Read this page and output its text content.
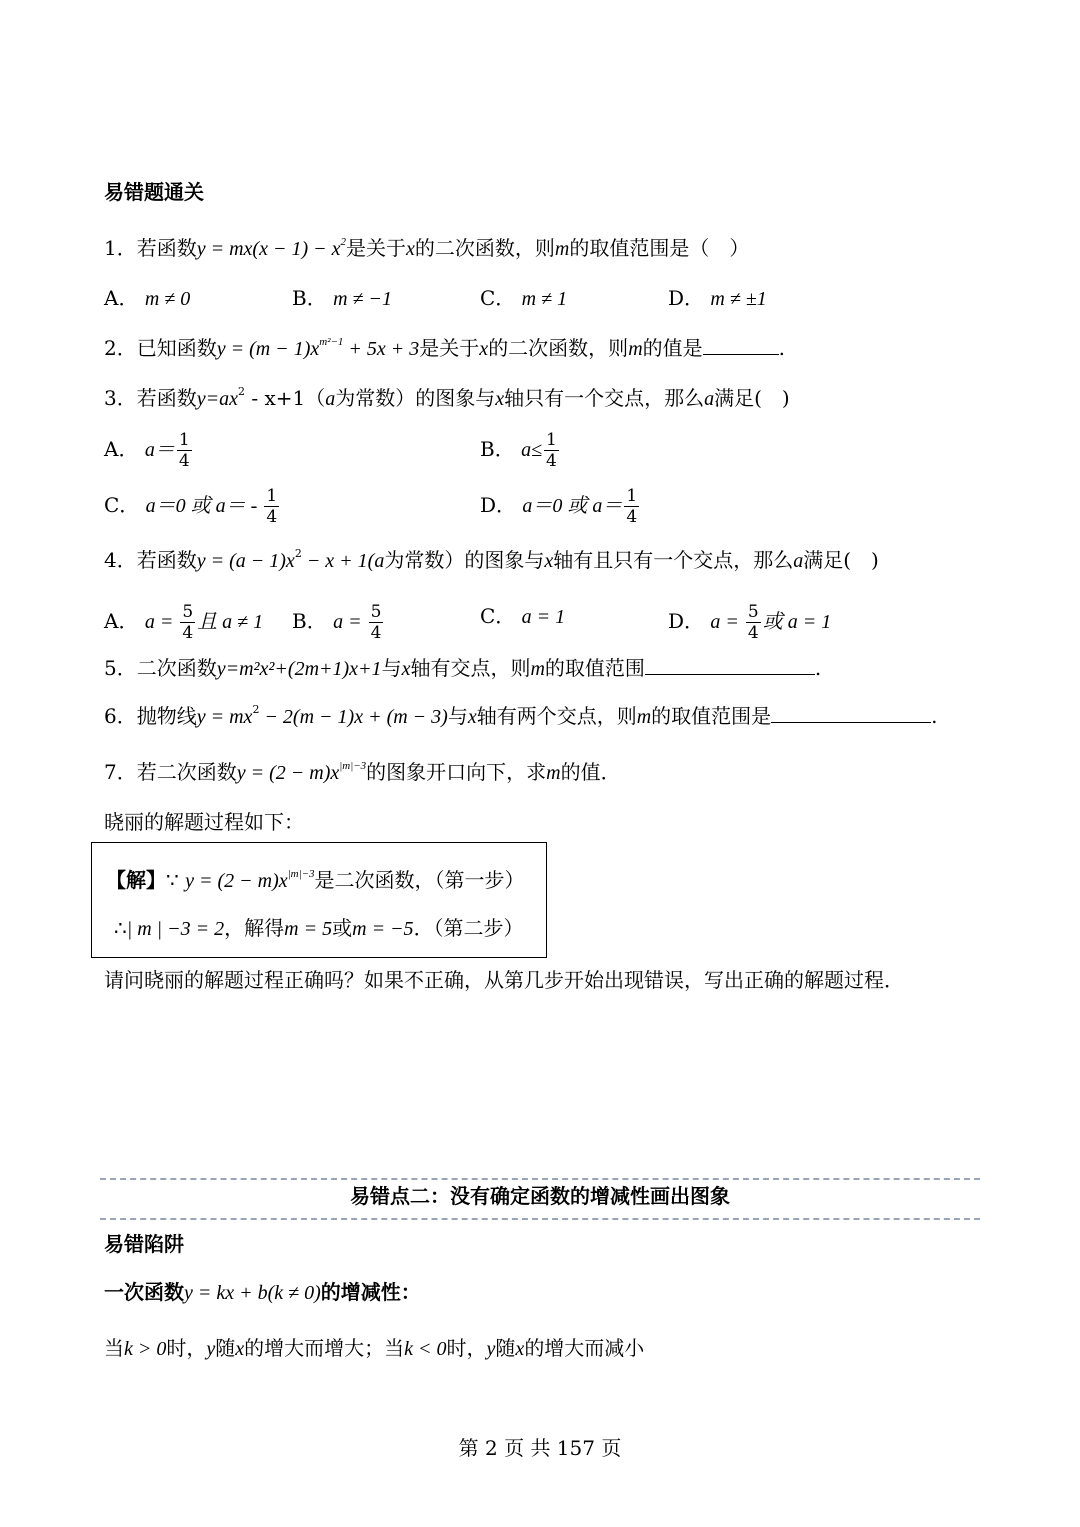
易错题通关
1．若函数$y = mx(x - 1) - x^2$是关于x的二次函数，则m的取值范围是（　）
A． m ≠ 0	B． m ≠ −1	C． m ≠ 1	D． m ≠ ±1
2．已知函数$y = (m - 1)x^{m^2-1} + 5x + 3$是关于x的二次函数，则m的值是	.
3．若函数$y=ax^2 - x+1(a$为常数）的图象与x轴只有一个交点，那么a满足(　)
A． $a= \frac{1}{4}$	B． $a\le \frac{1}{4}$
C． a＝0 或 $a= - \frac{1}{4}$	D． a＝0 或 $a= \frac{1}{4}$
4．若函数$y = (a - 1)x^2 - x + 1(a$为常数）的图象与x轴有且只有一个交点，那么a满足(　)
A． $a = \frac{5}{4}$ 且 a ≠ 1 B． $a = \frac{5}{4}$	C． a = 1	D． $a = \frac{5}{4}$ 或 a = 1
5．二次函数y=m²x²+(2m+1)x+1与x轴有交点，则m的取值范围	.
6．抛物线$y = mx^2 - 2(m - 1)x + (m - 3)$与x轴有两个交点，则m的取值范围是	.
7．若二次函数$y = (2 - m)x^{|m|-3}$的图象开口向下，求m的值．
晓丽的解题过程如下：
【解】∵ $y = (2 - m)x^{|m|-3}$是二次函数，（第一步）
∴| m | −3 = 2，解得m = 5或m = −5．（第二步）
请问晓丽的解题过程正确吗？如果不正确，从第几步开始出现错误，写出正确的解题过程．
易错点二：没有确定函数的增减性画出图象
易错陷阱
一次函数y = kx + b(k ≠ 0)的增减性：
当k > 0时，y随x的增大而增大；当k < 0时，y随x的增大而减小
第 2 页 共 157 页
